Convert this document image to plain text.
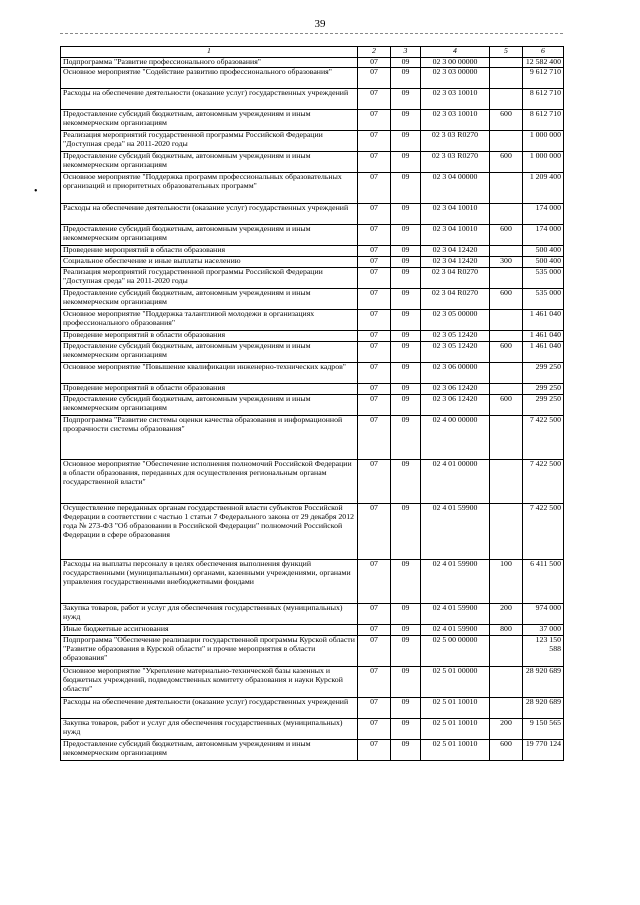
39
•
1	2	3	4	5	6
Подпрограмма "Развитие профессионального образования"	07	09	02 3 00 00000		12 582 400
Основное мероприятие "Содействие развитию профессионального образования"	07	09	02 3 03 00000		9 612 710
Расходы на обеспечение деятельности (оказание услуг) государственных учреждений	07	09	02 3 03 10010		8 612 710
Предоставление субсидий бюджетным, автономным учреждениям и иным некоммерческим организациям	07	09	02 3 03 10010	600	8 612 710
Реализация мероприятий государственной программы Российской Федерации "Доступная среда" на 2011-2020 годы	07	09	02 3 03 R0270		1 000 000
Предоставление субсидий бюджетным, автономным учреждениям и иным некоммерческим организациям	07	09	02 3 03 R0270	600	1 000 000
Основное мероприятие "Поддержка программ профессиональных образовательных организаций и приоритетных образовательных программ"	07	09	02 3 04 00000		1 209 400
Расходы на обеспечение деятельности (оказание услуг) государственных учреждений	07	09	02 3 04 10010		174 000
Предоставление субсидий бюджетным, автономным учреждениям и иным некоммерческим организациям	07	09	02 3 04 10010	600	174 000
Проведение мероприятий в области образования	07	09	02 3 04 12420		500 400
Социальное обеспечение и иные выплаты населению	07	09	02 3 04 12420	300	500 400
Реализация мероприятий государственной программы Российской Федерации "Доступная среда" на 2011-2020 годы	07	09	02 3 04 R0270		535 000
Предоставление субсидий бюджетным, автономным учреждениям и иным некоммерческим организациям	07	09	02 3 04 R0270	600	535 000
Основное мероприятие "Поддержка талантливой молодежи в организациях профессионального образования"	07	09	02 3 05 00000		1 461 040
Проведение мероприятий в области образования	07	09	02 3 05 12420		1 461 040
Предоставление субсидий бюджетным, автономным учреждениям и иным некоммерческим организациям	07	09	02 3 05 12420	600	1 461 040
Основное мероприятие "Повышение квалификации инженерно-технических кадров"	07	09	02 3 06 00000		299 250
Проведение мероприятий в области образования	07	09	02 3 06 12420		299 250
Предоставление субсидий бюджетным, автономным учреждениям и иным некоммерческим организациям	07	09	02 3 06 12420	600	299 250
Подпрограмма "Развитие системы оценки качества образования и информационной прозрачности системы образования"	07	09	02 4 00 00000		7 422 500
Основное мероприятие "Обеспечение исполнения полномочий Российской Федерации в области образования, переданных для осуществления региональным органам государственной власти"	07	09	02 4 01 00000		7 422 500
Осуществление переданных органам государственной власти субъектов Российской Федерации в соответствии с частью 1 статьи 7 Федерального закона от 29 декабря 2012 года № 273-ФЗ "Об образовании в Российской Федерации" полномочий Российской Федерации в сфере образования	07	09	02 4 01 59900		7 422 500
Расходы на выплаты персоналу в целях обеспечения выполнения функций государственными (муниципальными) органами, казенными учреждениями, органами управления государственными внебюджетными фондами	07	09	02 4 01 59900	100	6 411 500
Закупка товаров, работ и услуг для обеспечения государственных (муниципальных) нужд	07	09	02 4 01 59900	200	974 000
Иные бюджетные ассигнования	07	09	02 4 01 59900	800	37 000
Подпрограмма "Обеспечение реализации государственной программы Курской области "Развитие образования в Курской области" и прочие мероприятия в области образования"	07	09	02 5 00 00000		123 150 588
Основное мероприятие "Укрепление материально-технической базы казенных и бюджетных учреждений, подведомственных комитету образования и науки Курской области"	07	09	02 5 01 00000		28 920 689
Расходы на обеспечение деятельности (оказание услуг) государственных учреждений	07	09	02 5 01 10010		28 920 689
Закупка товаров, работ и услуг для обеспечения государственных (муниципальных) нужд	07	09	02 5 01 10010	200	9 150 565
Предоставление субсидий бюджетным, автономным учреждениям и иным некоммерческим организациям	07	09	02 5 01 10010	600	19 770 124
